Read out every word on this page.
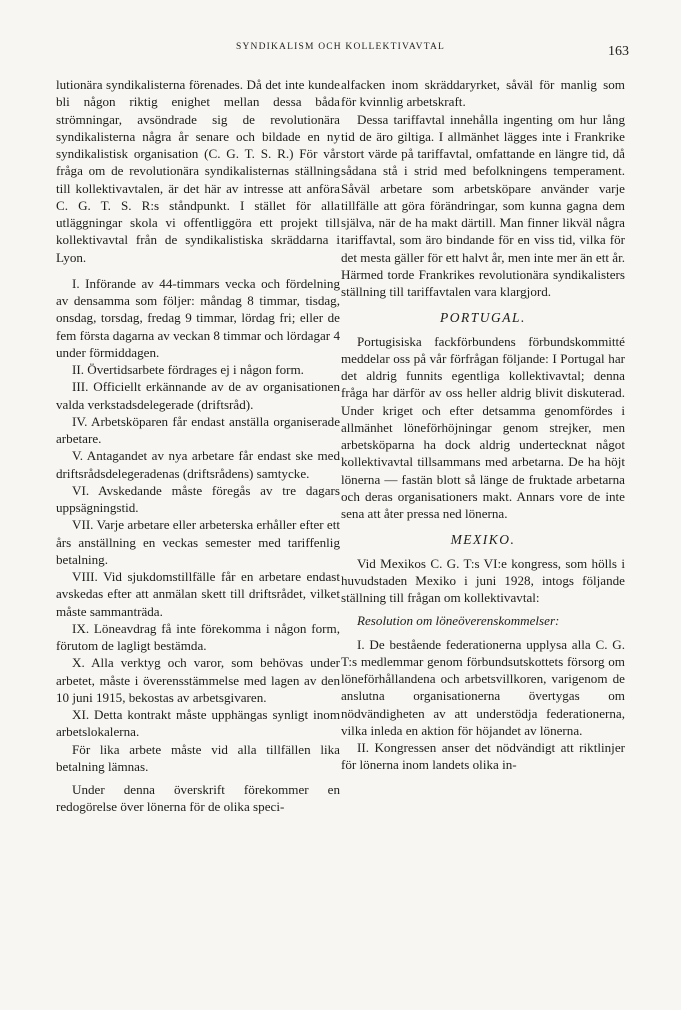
SYNDIKALISM OCH KOLLEKTIVAVTAL	163

lutionära syndikalisterna förenades. Då det inte kunde bli någon riktig enighet mellan dessa båda strömningar, avsöndrade sig de revolutionära syndikalisterna några år senare och bildade en ny syndikalistisk organisation (C. G. T. S. R.) För vår fråga om de revolutionära syndikalisternas ställning till kollektivavtalen, är det här av intresse att anföra C. G. T. S. R:s ståndpunkt. I stället för alla utläggningar skola vi offentliggöra ett projekt till kollektivavtal från de syndikalistiska skräddarna i Lyon.

I. Införande av 44-timmars vecka och fördelning av densamma som följer: måndag 8 timmar, tisdag, onsdag, torsdag, fredag 9 timmar, lördag fri; eller de fem första dagarna av veckan 8 timmar och lördagar 4 under förmiddagen.

II. Övertidsarbete fördrages ej i någon form.

III. Officiellt erkännande av de av organisationen valda verkstadsdelegerade (driftsråd).

IV. Arbetsköparen får endast anställa organiserade arbetare.

V. Antagandet av nya arbetare får endast ske med driftsrådsdelegeradenas (driftsrådens) samtycke.

VI. Avskedande måste föregås av tre dagars uppsägningstid.

VII. Varje arbetare eller arbeterska erhåller efter ett års anställning en veckas semester med tariffenlig betalning.

VIII. Vid sjukdomstillfälle får en arbetare endast avskedas efter att anmälan skett till driftsrådet, vilket måste sammanträda.

IX. Löneavdrag få inte förekomma i någon form, förutom de lagligt bestämda.

X. Alla verktyg och varor, som behövas under arbetet, måste i överensstämmelse med lagen av den 10 juni 1915, bekostas av arbetsgivaren.

XI. Detta kontrakt måste upphängas synligt inom arbetslokalerna.

För lika arbete måste vid alla tillfällen lika betalning lämnas.

Under denna överskrift förekommer en redogörelse över lönerna för de olika speci-

alfacken inom skräddaryrket, såväl för manlig som för kvinnlig arbetskraft.

Dessa tariffavtal innehålla ingenting om hur lång tid de äro giltiga. I allmänhet lägges inte i Frankrike stort värde på tariffavtal, omfattande en längre tid, då sådana stå i strid med befolkningens temperament. Såväl arbetare som arbetsköpare använder varje tillfälle att göra förändringar, som kunna gagna dem själva, när de ha makt därtill. Man finner likväl några tariffavtal, som äro bindande för en viss tid, vilka för det mesta gäller för ett halvt år, men inte mer än ett år. Härmed torde Frankrikes revolutionära syndikalisters ställning till tariffavtalen vara klargjord.

PORTUGAL.

Portugisiska fackförbundens förbundskommitté meddelar oss på vår förfrågan följande: I Portugal har det aldrig funnits egentliga kollektivavtal; denna fråga har därför av oss heller aldrig blivit diskuterad. Under kriget och efter detsamma genomfördes i allmänhet löneförhöjningar genom strejker, men arbetsköparna ha dock aldrig undertecknat något kollektivavtal tillsammans med arbetarna. De ha höjt lönerna — fastän blott så länge de fruktade arbetarna och deras organisationers makt. Annars vore de inte sena att åter pressa ned lönerna.

MEXIKO.

Vid Mexikos C. G. T:s VI:e kongress, som hölls i huvudstaden Mexiko i juni 1928, intogs följande ställning till frågan om kollektivavtal:

Resolution om löneöverenskommelser:

I. De bestående federationerna upplysa alla C. G. T:s medlemmar genom förbundsutskottets försorg om löneförhållandena och arbetsvillkoren, varigenom de anslutna organisationerna övertygas om nödvändigheten av att understödja federationerna, vilka inleda en aktion för höjandet av lönerna.

II. Kongressen anser det nödvändigt att riktlinjer för lönerna inom landets olika in-
